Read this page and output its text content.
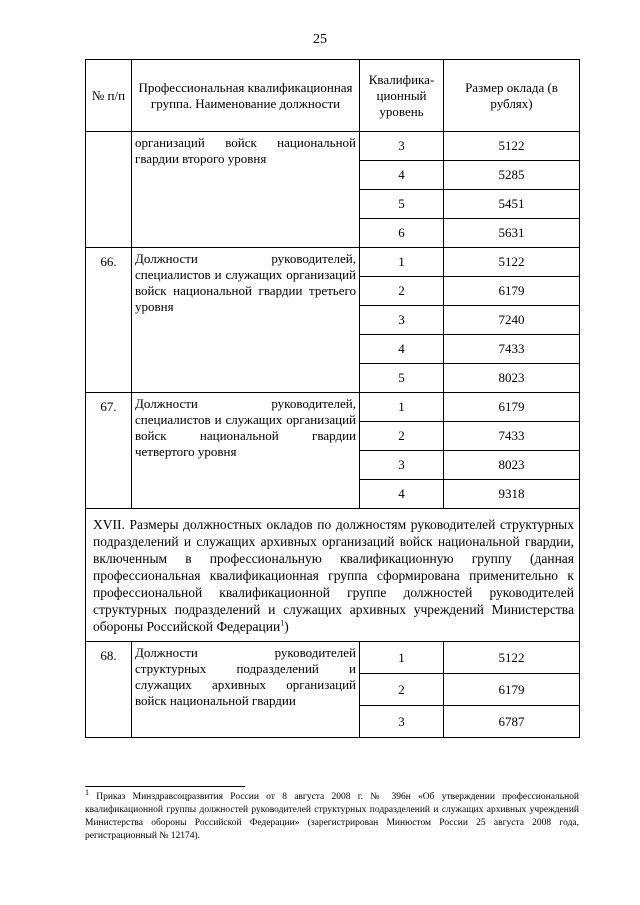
25
№ п/п	Профессиональная квалификационная группа. Наименование должности	Квалифика-ционный уровень	Размер оклада (в рублях)

	организаций войск национальной гвардии второго уровня	3	5122
		4	5285
		5	5451
		6	5631

66.	Должности руководителей, специалистов и служащих организаций войск национальной гвардии третьего уровня	1	5122
		2	6179
		3	7240
		4	7433
		5	8023

67.	Должности руководителей, специалистов и служащих организаций войск национальной гвардии четвертого уровня	1	6179
		2	7433
		3	8023
		4	9318
XVII. Размеры должностных окладов по должностям руководителей структурных подразделений и служащих архивных организаций войск национальной гвардии, включенным в профессиональную квалификационную группу (данная профессиональная квалификационная группа сформирована применительно к профессиональной квалификационной группе должностей руководителей структурных подразделений и служащих архивных учреждений Министерства обороны Российской Федерации$^1$)			

68.	Должности руководителей структурных подразделений и служащих архивных организаций войск национальной гвардии	1	5122
		2	6179
		3	6787
$^1$ Приказ Минздравсоцразвития России от 8 августа 2008 г. № 396н «Об утверждении профессиональной квалификационной группы должностей руководителей структурных подразделений и служащих архивных учреждений Министерства обороны Российской Федерации» (зарегистрирован Минюстом России 25 августа 2008 года, регистрационный № 12174).
